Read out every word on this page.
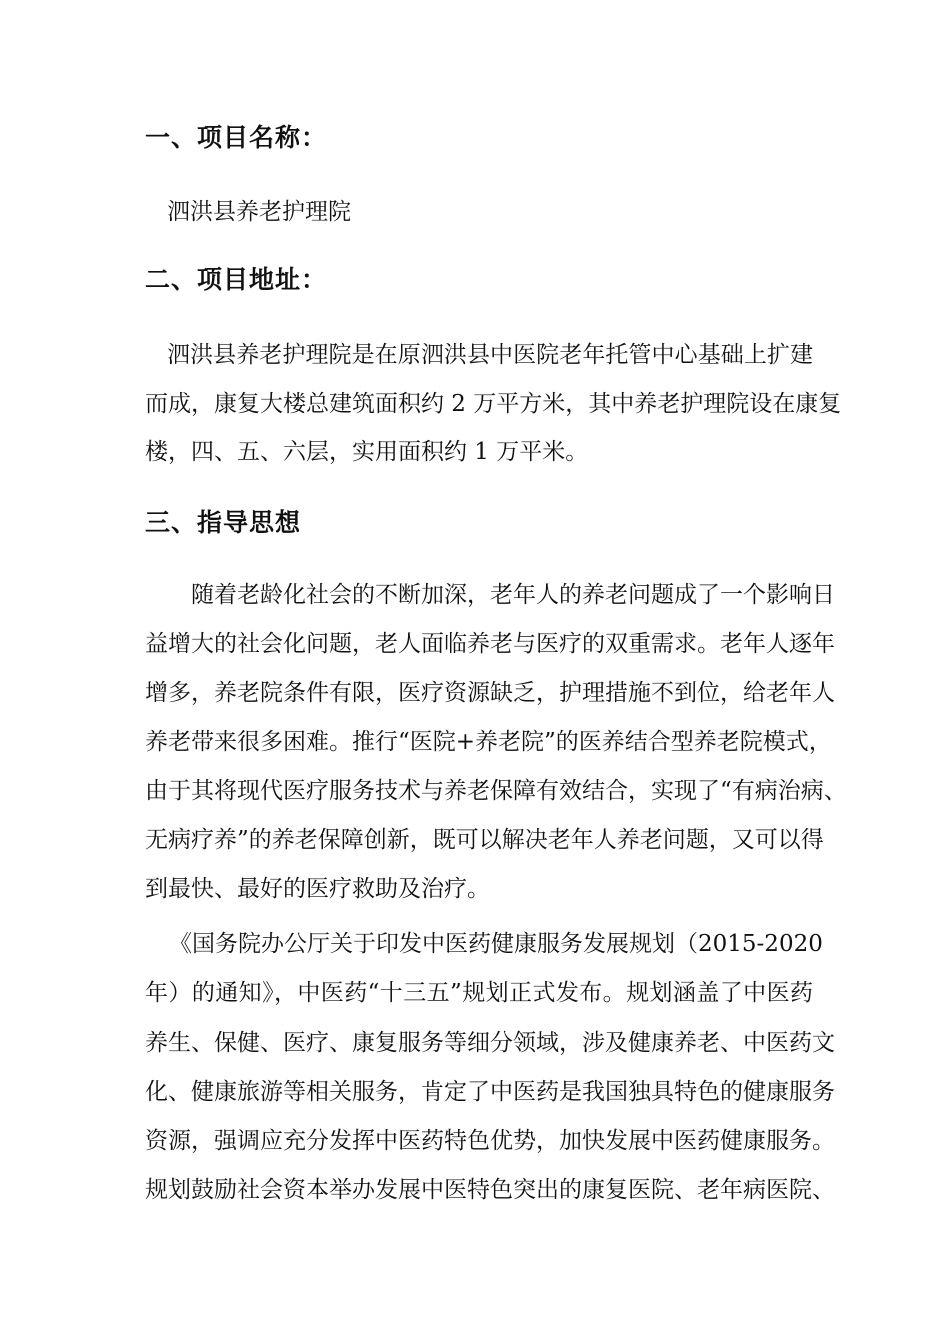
一、项目名称：

泗洪县养老护理院

二、项目地址：

泗洪县养老护理院是在原泗洪县中医院老年托管中心基础上扩建

而成，康复大楼总建筑面积约 2 万平方米，其中养老护理院设在康复

楼，四、五、六层，实用面积约 1 万平米。

三、指导思想

随着老龄化社会的不断加深，老年人的养老问题成了一个影响日

益增大的社会化问题，老人面临养老与医疗的双重需求。老年人逐年

增多，养老院条件有限，医疗资源缺乏，护理措施不到位，给老年人

养老带来很多困难。推行“医院+养老院”的医养结合型养老院模式，

由于其将现代医疗服务技术与养老保障有效结合，实现了“有病治病、

无病疗养”的养老保障创新，既可以解决老年人养老问题，又可以得

到最快、最好的医疗救助及治疗。

《国务院办公厅关于印发中医药健康服务发展规划（2015-2020

年）的通知》，中医药“十三五”规划正式发布。规划涵盖了中医药

养生、保健、医疗、康复服务等细分领域，涉及健康养老、中医药文

化、健康旅游等相关服务，肯定了中医药是我国独具特色的健康服务

资源，强调应充分发挥中医药特色优势，加快发展中医药健康服务。

规划鼓励社会资本举办发展中医特色突出的康复医院、老年病医院、
